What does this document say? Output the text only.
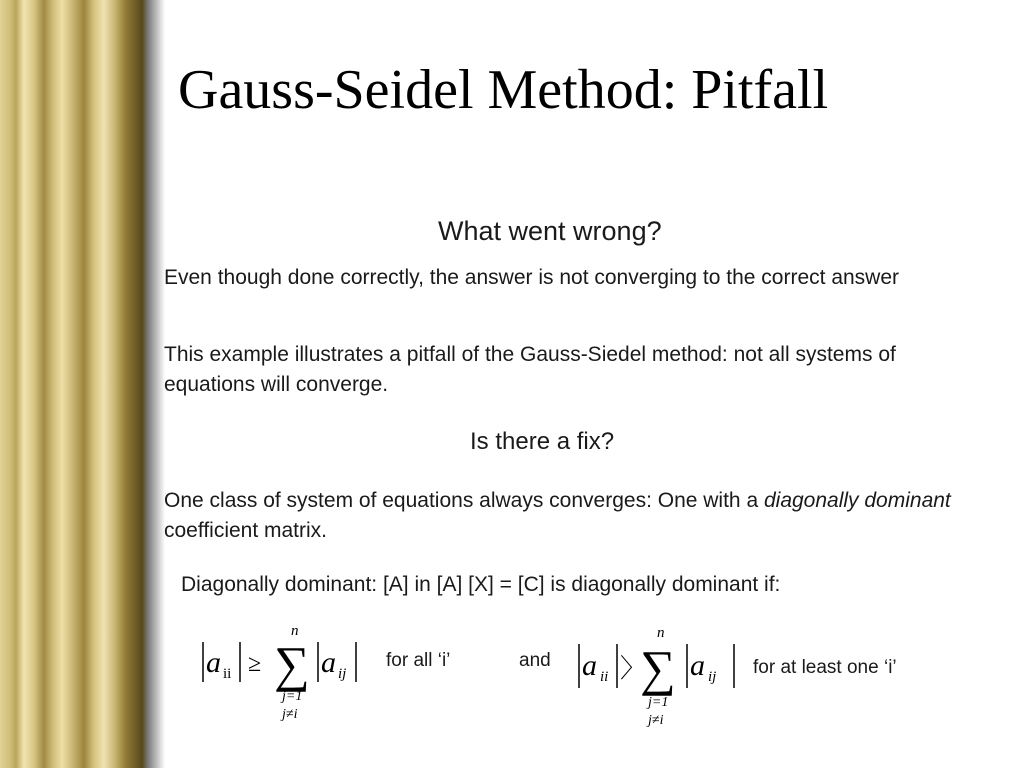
Gauss-Seidel Method: Pitfall
What went wrong?
Even though done correctly, the answer is not converging to the correct answer
This example illustrates a pitfall of the Gauss-Siedel method: not all systems of equations will converge.
Is there a fix?
One class of system of equations always converges: One with a diagonally dominant coefficient matrix.
Diagonally dominant: [A] in [A] [X] = [C] is diagonally dominant if:
a ii ≥
n
∑
j=1
j≠i
a ij
for all ‘i’	and a ii 〉
n
∑
j=1
j≠i
a ij for at least one ‘i’
